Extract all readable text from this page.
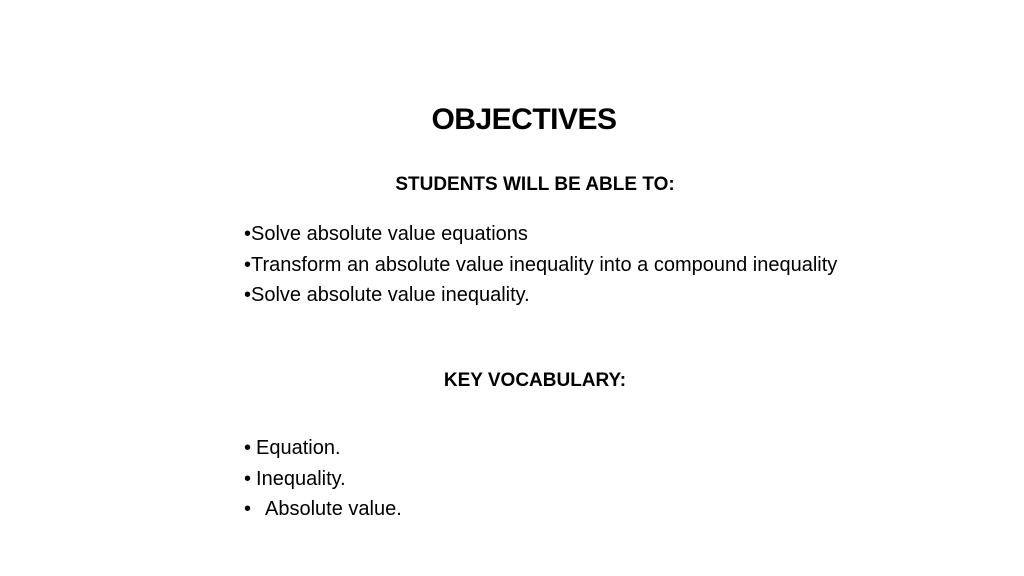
OBJECTIVES
STUDENTS WILL BE ABLE TO:
•Solve absolute value equations
•Transform an absolute value inequality into a compound inequality
•Solve absolute value inequality.
KEY VOCABULARY:
• Equation.
• Inequality.
• Absolute value.
